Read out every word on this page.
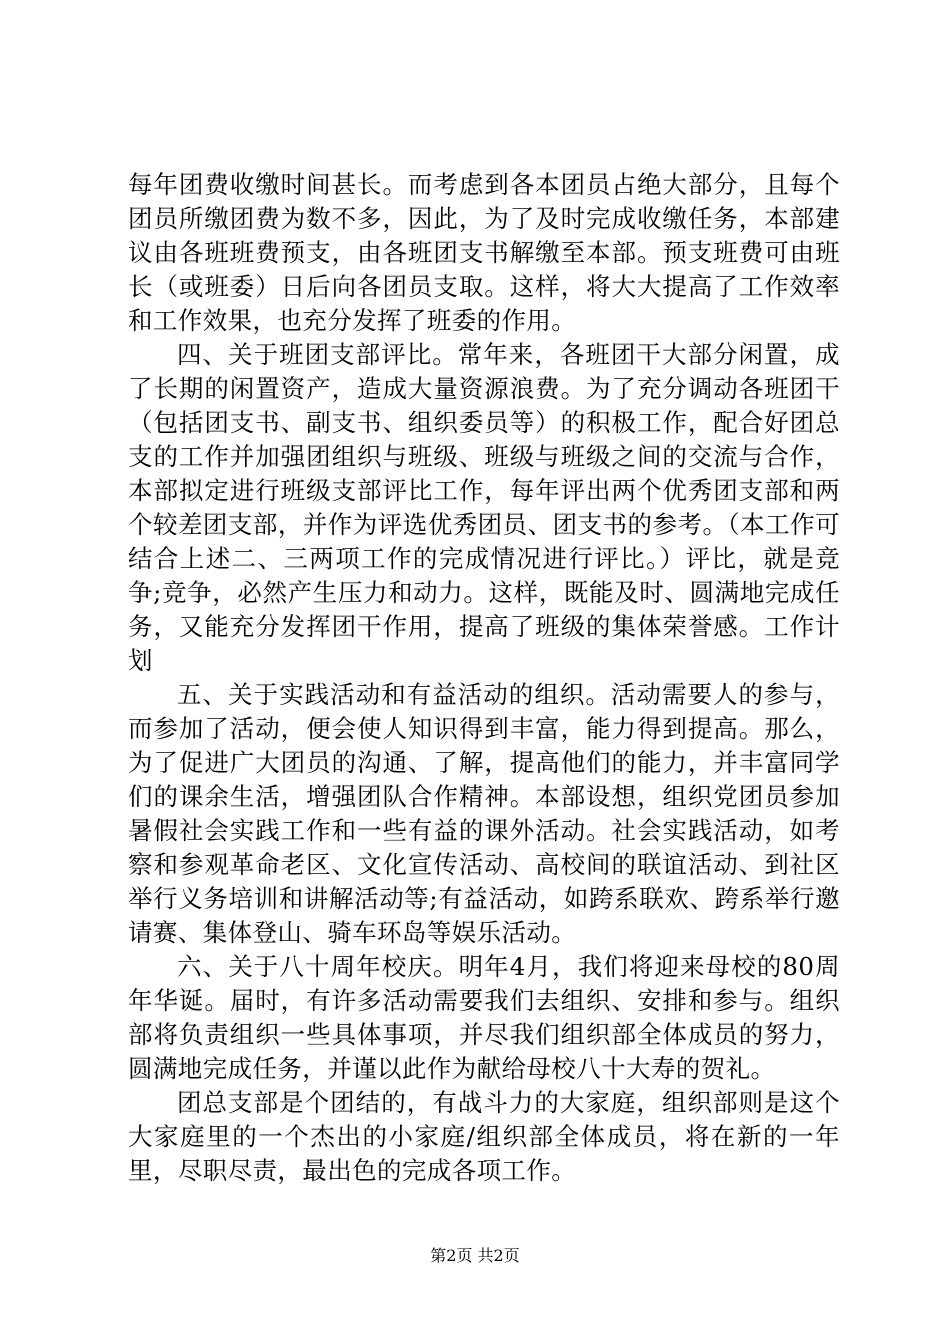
每年团费收缴时间甚长。而考虑到各本团员占绝大部分，且每个团员所缴团费为数不多，因此，为了及时完成收缴任务，本部建议由各班班费预支，由各班团支书解缴至本部。预支班费可由班长（或班委）日后向各团员支取。这样，将大大提高了工作效率和工作效果，也充分发挥了班委的作用。

四、关于班团支部评比。常年来，各班团干大部分闲置，成了长期的闲置资产，造成大量资源浪费。为了充分调动各班团干（包括团支书、副支书、组织委员等）的积极工作，配合好团总支的工作并加强团组织与班级、班级与班级之间的交流与合作，本部拟定进行班级支部评比工作，每年评出两个优秀团支部和两个较差团支部，并作为评选优秀团员、团支书的参考。（本工作可结合上述二、三两项工作的完成情况进行评比。）评比，就是竞争;竞争，必然产生压力和动力。这样，既能及时、圆满地完成任务，又能充分发挥团干作用，提高了班级的集体荣誉感。工作计划

五、关于实践活动和有益活动的组织。活动需要人的参与，而参加了活动，便会使人知识得到丰富，能力得到提高。那么，为了促进广大团员的沟通、了解，提高他们的能力，并丰富同学们的课余生活，增强团队合作精神。本部设想，组织党团员参加暑假社会实践工作和一些有益的课外活动。社会实践活动，如考察和参观革命老区、文化宣传活动、高校间的联谊活动、到社区举行义务培训和讲解活动等;有益活动，如跨系联欢、跨系举行邀请赛、集体登山、骑车环岛等娱乐活动。

六、关于八十周年校庆。明年4月，我们将迎来母校的80周年华诞。届时，有许多活动需要我们去组织、安排和参与。组织部将负责组织一些具体事项，并尽我们组织部全体成员的努力，圆满地完成任务，并谨以此作为献给母校八十大寿的贺礼。

团总支部是个团结的，有战斗力的大家庭，组织部则是这个大家庭里的一个杰出的小家庭/组织部全体成员，将在新的一年里，尽职尽责，最出色的完成各项工作。

第2页 共2页
